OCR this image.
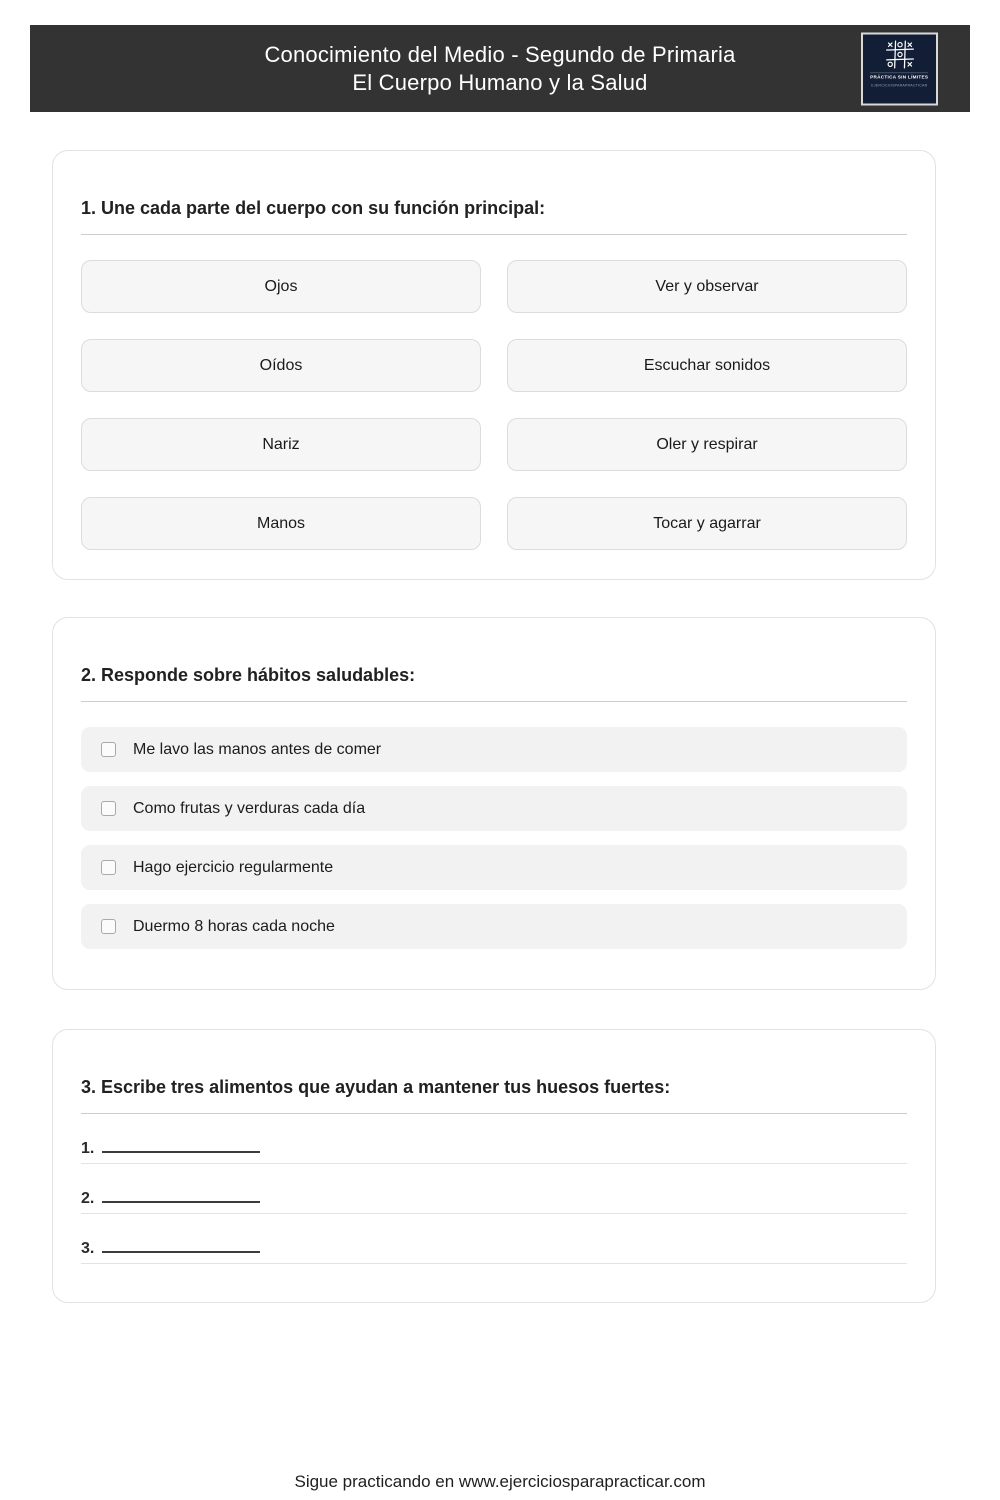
Conocimiento del Medio - Segundo de Primaria
El Cuerpo Humano y la Salud	PRÁCTICA SIN LÍMITES
EJERCICIOSPARAPRACTICAR
1. Une cada parte del cuerpo con su función principal:
Ojos	Ver y observar
Oídos	Escuchar sonidos
Nariz	Oler y respirar
Manos	Tocar y agarrar
2. Responde sobre hábitos saludables:
Me lavo las manos antes de comer
Como frutas y verduras cada día
Hago ejercicio regularmente
Duermo 8 horas cada noche
3. Escribe tres alimentos que ayudan a mantener tus huesos fuertes:
1.
2.
3.
Sigue practicando en www.ejerciciosparapracticar.com
